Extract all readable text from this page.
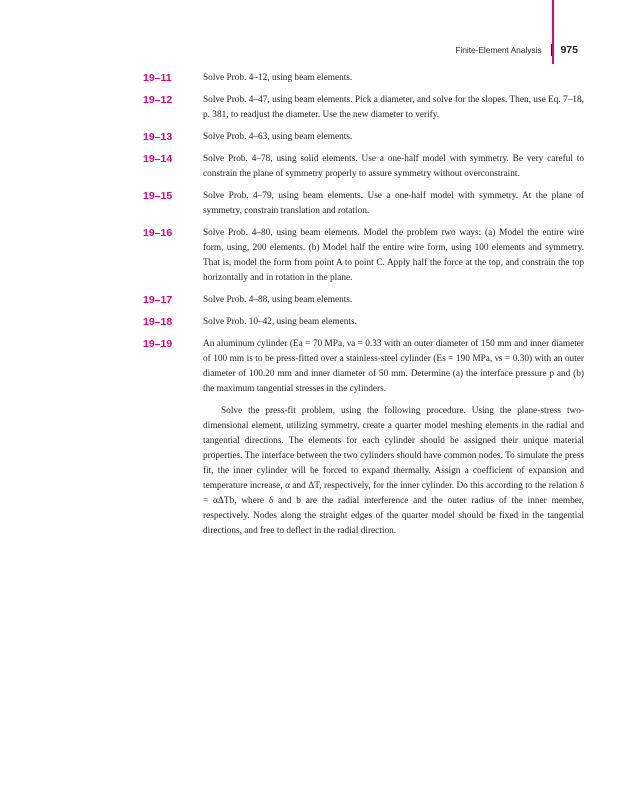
Finite-Element Analysis 975
19–11	Solve Prob. 4–12, using beam elements.

19–12	Solve Prob. 4–47, using beam elements. Pick a diameter, and solve for the slopes. Then, use Eq. 7–18, p. 381, to readjust the diameter. Use the new diameter to verify.

19–13	Solve Prob. 4–63, using beam elements.

19–14	Solve Prob. 4–78, using solid elements. Use a one-half model with symmetry. Be very careful to constrain the plane of symmetry properly to assure symmetry without overconstraint.

19–15	Solve Prob. 4–79, using beam elements. Use a one-half model with symmetry. At the plane of symmetry, constrain translation and rotation.

19–16	Solve Prob. 4–80, using beam elements. Model the problem two ways: (a) Model the entire wire form, using, 200 elements. (b) Model half the entire wire form, using 100 elements and symmetry. That is, model the form from point A to point C. Apply half the force at the top, and constrain the top horizontally and in rotation in the plane.

19–17	Solve Prob. 4–88, using beam elements.

19–18	Solve Prob. 10–42, using beam elements.

19–19	An aluminum cylinder (Ea = 70 MPa, νa = 0.33 with an outer diameter of 150 mm and inner diameter of 100 mm is to be press-fitted over a stainless-steel cylinder (Es = 190 MPa, νs = 0.30) with an outer diameter of 100.20 mm and inner diameter of 50 mm. Determine (a) the interface pressure p and (b) the maximum tangential stresses in the cylinders.

Solve the press-fit problem, using the following procedure. Using the plane-stress two-dimensional element, utilizing symmetry, create a quarter model meshing elements in the radial and tangential directions. The elements for each cylinder should be assigned their unique material properties. The interface between the two cylinders should have common nodes. To simulate the press fit, the inner cylinder will be forced to expand thermally. Assign a coefficient of expansion and temperature increase, α and ΔT, respectively, for the inner cylinder. Do this according to the relation δ = αΔTb, where δ and b are the radial interference and the outer radius of the inner member, respectively. Nodes along the straight edges of the quarter model should be fixed in the tangential directions, and free to deflect in the radial direction.
